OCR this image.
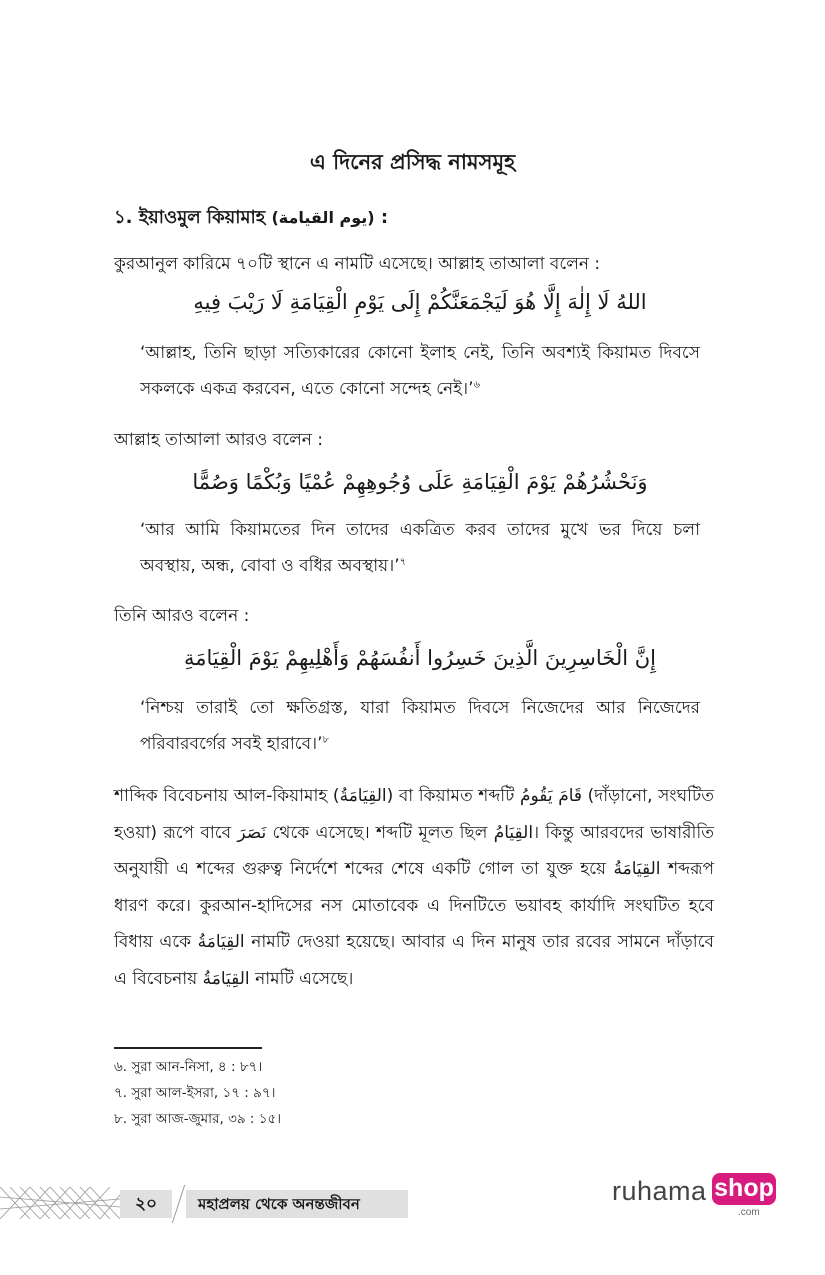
এ দিনের প্রসিদ্ধ নামসমূহ
১. ইয়াওমুল কিয়ামাহ (يوم القيامة) :
কুরআনুল কারিমে ৭০টি স্থানে এ নামটি এসেছে। আল্লাহ তাআলা বলেন :
اللهُ لَا إِلٰهَ إِلَّا هُوَ لَيَجْمَعَنَّكُمْ إِلَى يَوْمِ الْقِيَامَةِ لَا رَيْبَ فِيهِ
‘আল্লাহ, তিনি ছাড়া সত্যিকারের কোনো ইলাহ নেই, তিনি অবশ্যই কিয়ামত দিবসে সকলকে একত্র করবেন, এতে কোনো সন্দেহ নেই।’$^৬$
আল্লাহ তাআলা আরও বলেন :
وَنَحْشُرُهُمْ يَوْمَ الْقِيَامَةِ عَلَى وُجُوهِهِمْ عُمْيًا وَبُكْمًا وَصُمًّا
‘আর আমি কিয়ামতের দিন তাদের একত্রিত করব তাদের মুখে ভর দিয়ে চলা অবস্থায়, অন্ধ, বোবা ও বধির অবস্থায়।’$^৭$
তিনি আরও বলেন :
إِنَّ الْخَاسِرِينَ الَّذِينَ خَسِرُوا أَنفُسَهُمْ وَأَهْلِيهِمْ يَوْمَ الْقِيَامَةِ
‘নিশ্চয় তারাই তো ক্ষতিগ্রস্ত, যারা কিয়ামত দিবসে নিজেদের আর নিজেদের পরিবারবর্গের সবই হারাবে।’$^৮$
শাব্দিক বিবেচনায় আল-কিয়ামাহ (القِيَامَةُ) বা কিয়ামত শব্দটি قَامَ يَقُومُ (দাঁড়ানো, সংঘটিত হওয়া) রূপে বাবে نَصَرَ থেকে এসেছে। শব্দটি মূলত ছিল القِيَامُ। কিন্তু আরবদের ভাষারীতি অনুযায়ী এ শব্দের গুরুত্ব নির্দেশে শব্দের শেষে একটি গোল তা যুক্ত হয়ে القِيَامَةُ শব্দরূপ ধারণ করে। কুরআন-হাদিসের নস মোতাবেক এ দিনটিতে ভয়াবহ কার্যাদি সংঘটিত হবে বিধায় একে القِيَامَةُ নামটি দেওয়া হয়েছে। আবার এ দিন মানুষ তার রবের সামনে দাঁড়াবে এ বিবেচনায় القِيَامَةُ নামটি এসেছে।
৬. সুরা আন-নিসা, ৪ : ৮৭।
৭. সুরা আল-ইসরা, ১৭ : ৯৭।
৮. সুরা আজ-জুমার, ৩৯ : ১৫।
২০	মহাপ্রলয় থেকে অনন্তজীবন	ruhama shop
.com
